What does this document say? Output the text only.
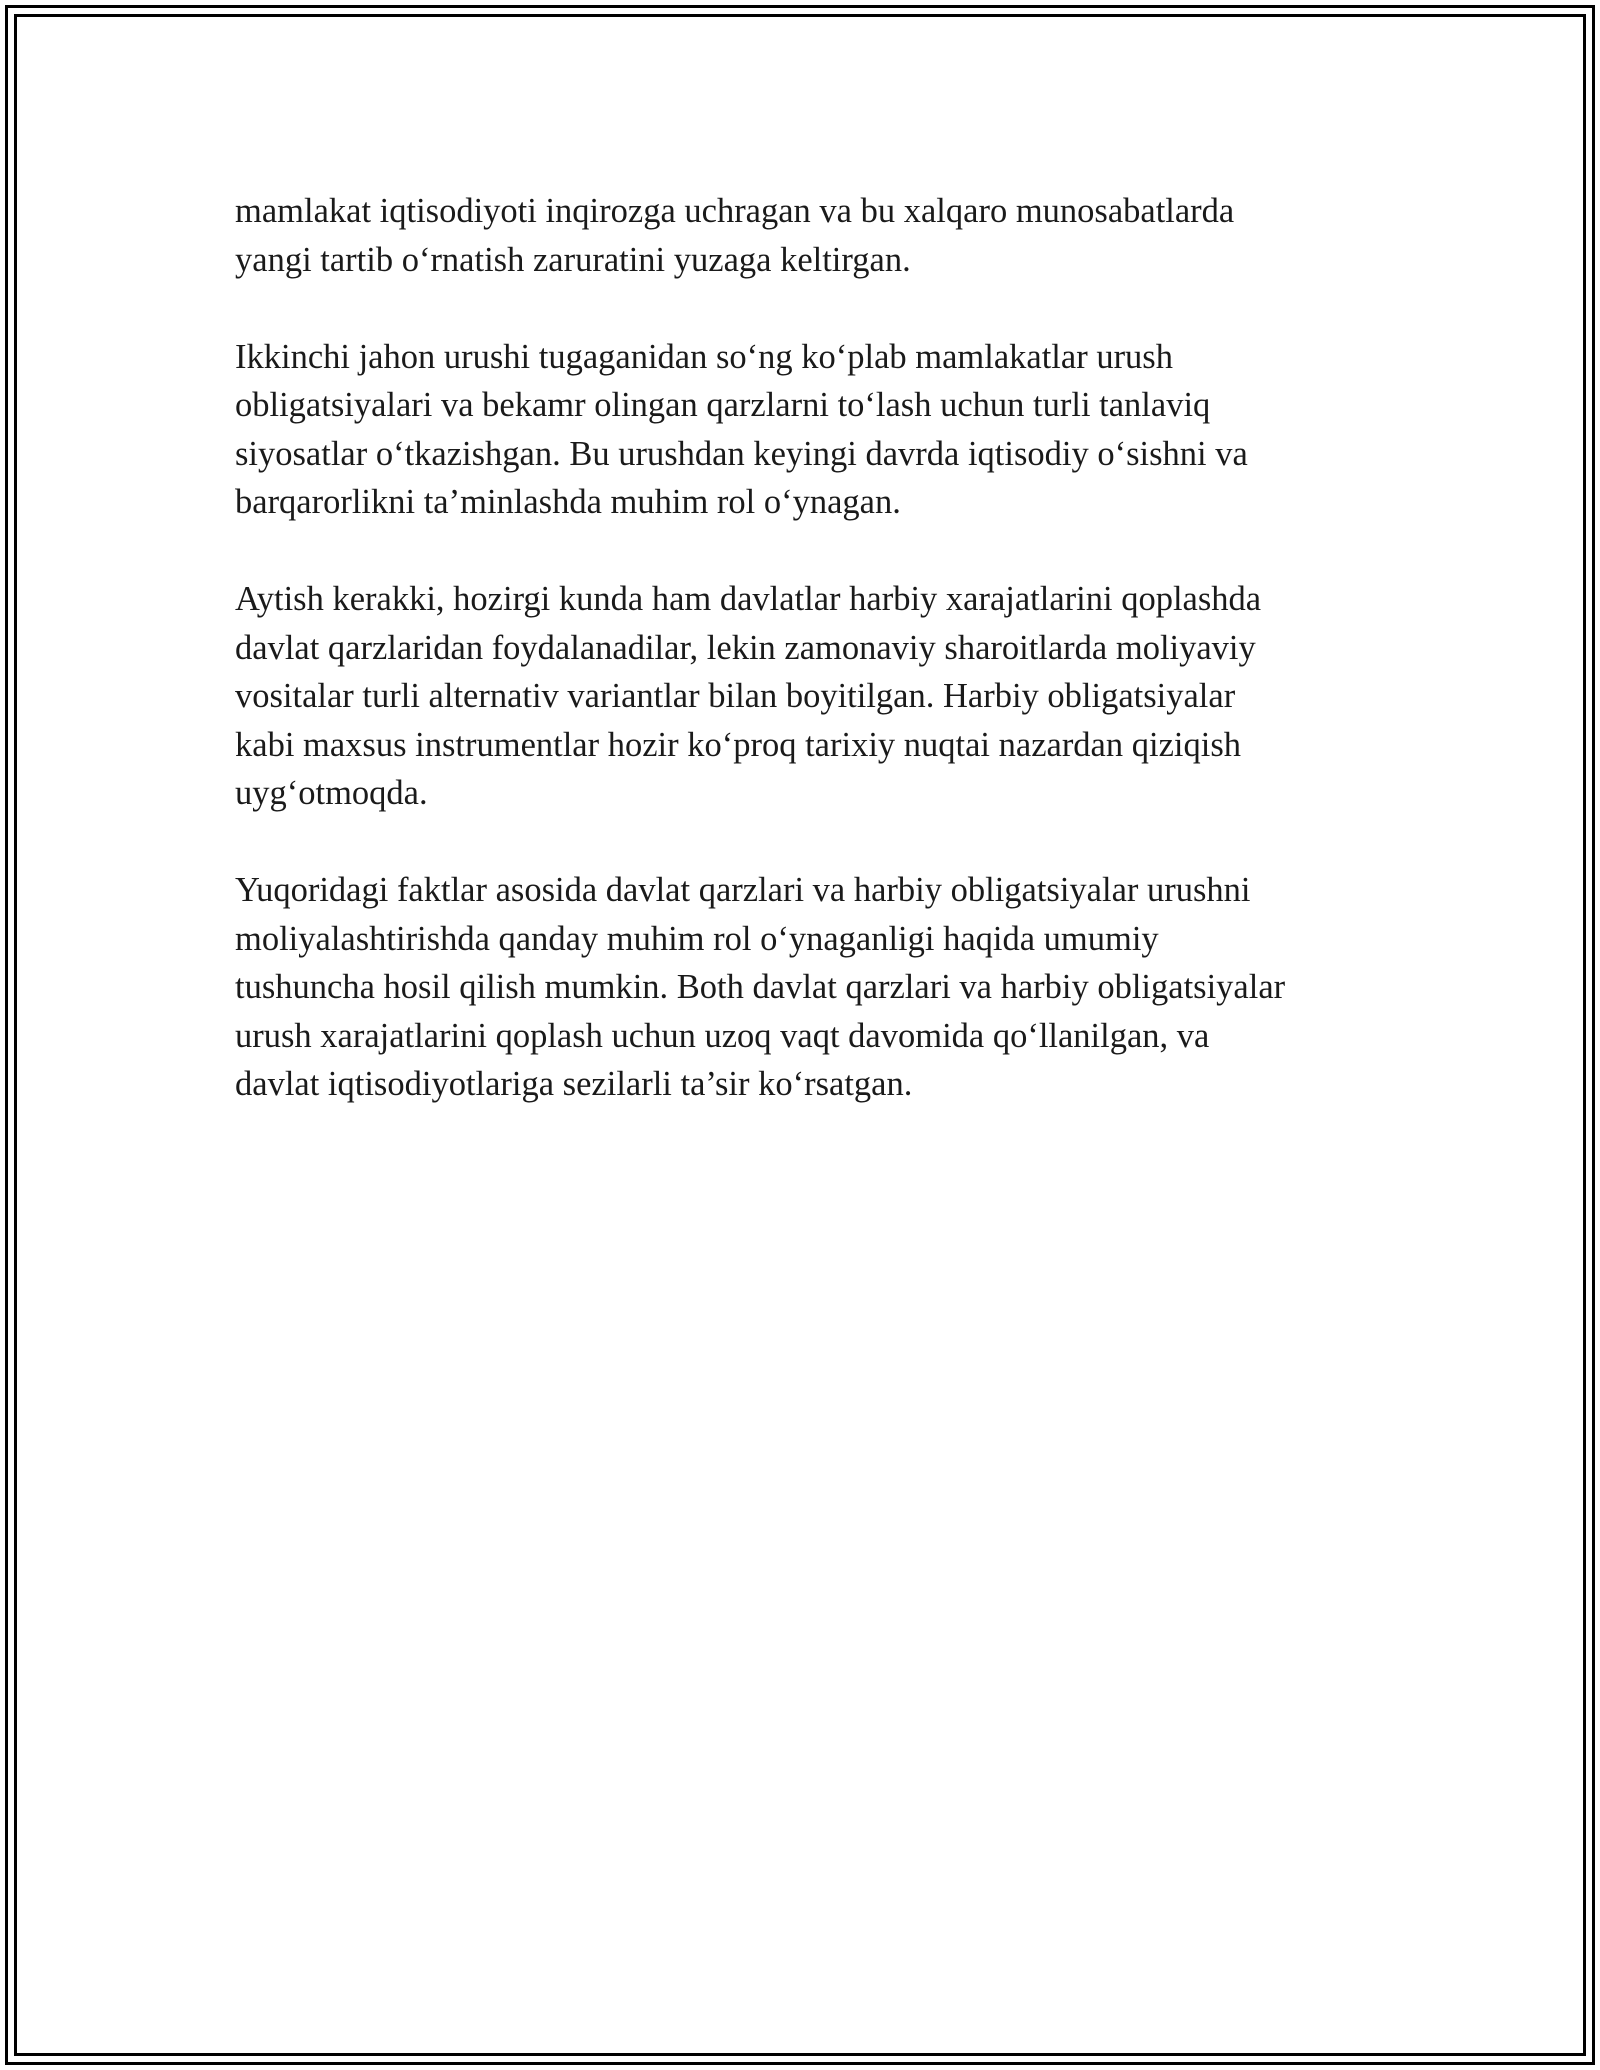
mamlakat iqtisodiyoti inqirozga uchragan va bu xalqaro munosabatlarda
yangi tartib o‘rnatish zaruratini yuzaga keltirgan.

Ikkinchi jahon urushi tugaganidan so‘ng ko‘plab mamlakatlar urush
obligatsiyalari va bekamr olingan qarzlarni to‘lash uchun turli tanlaviq
siyosatlar o‘tkazishgan. Bu urushdan keyingi davrda iqtisodiy o‘sishni va
barqarorlikni ta’minlashda muhim rol o‘ynagan.

Aytish kerakki, hozirgi kunda ham davlatlar harbiy xarajatlarini qoplashda
davlat qarzlaridan foydalanadilar, lekin zamonaviy sharoitlarda moliyaviy
vositalar turli alternativ variantlar bilan boyitilgan. Harbiy obligatsiyalar
kabi maxsus instrumentlar hozir ko‘proq tarixiy nuqtai nazardan qiziqish
uyg‘otmoqda.

Yuqoridagi faktlar asosida davlat qarzlari va harbiy obligatsiyalar urushni
moliyalashtirishda qanday muhim rol o‘ynaganligi haqida umumiy
tushuncha hosil qilish mumkin. Both davlat qarzlari va harbiy obligatsiyalar
urush xarajatlarini qoplash uchun uzoq vaqt davomida qo‘llanilgan, va
davlat iqtisodiyotlariga sezilarli ta’sir ko‘rsatgan.
